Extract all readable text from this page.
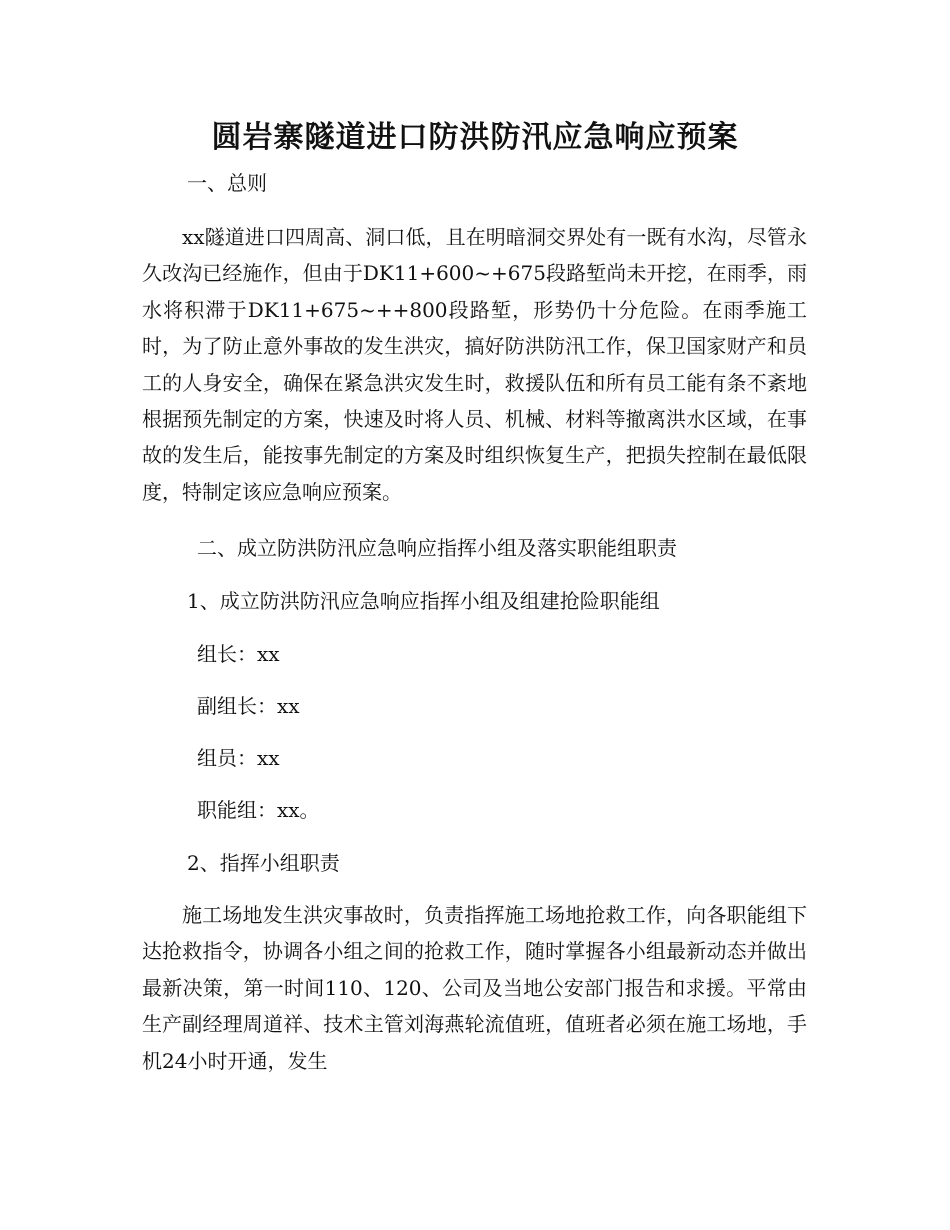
圆岩寨隧道进口防洪防汛应急响应预案
一、总则

xx隧道进口四周高、洞口低，且在明暗洞交界处有一既有水沟，尽管永久改沟已经施作，但由于DK11+600~+675段路堑尚未开挖，在雨季，雨水将积滞于DK11+675~++800段路堑，形势仍十分危险。在雨季施工时，为了防止意外事故的发生洪灾，搞好防洪防汛工作，保卫国家财产和员工的人身安全，确保在紧急洪灾发生时，救援队伍和所有员工能有条不紊地根据预先制定的方案，快速及时将人员、机械、材料等撤离洪水区域，在事故的发生后，能按事先制定的方案及时组织恢复生产，把损失控制在最低限度，特制定该应急响应预案。

二、成立防洪防汛应急响应指挥小组及落实职能组职责
1、成立防洪防汛应急响应指挥小组及组建抢险职能组
组长：xx
副组长：xx
组员：xx
职能组：xx。
2、指挥小组职责

施工场地发生洪灾事故时，负责指挥施工场地抢救工作，向各职能组下达抢救指令，协调各小组之间的抢救工作，随时掌握各小组最新动态并做出最新决策，第一时间110、120、公司及当地公安部门报告和求援。平常由生产副经理周道祥、技术主管刘海燕轮流值班，值班者必须在施工场地，手机24小时开通，发生
